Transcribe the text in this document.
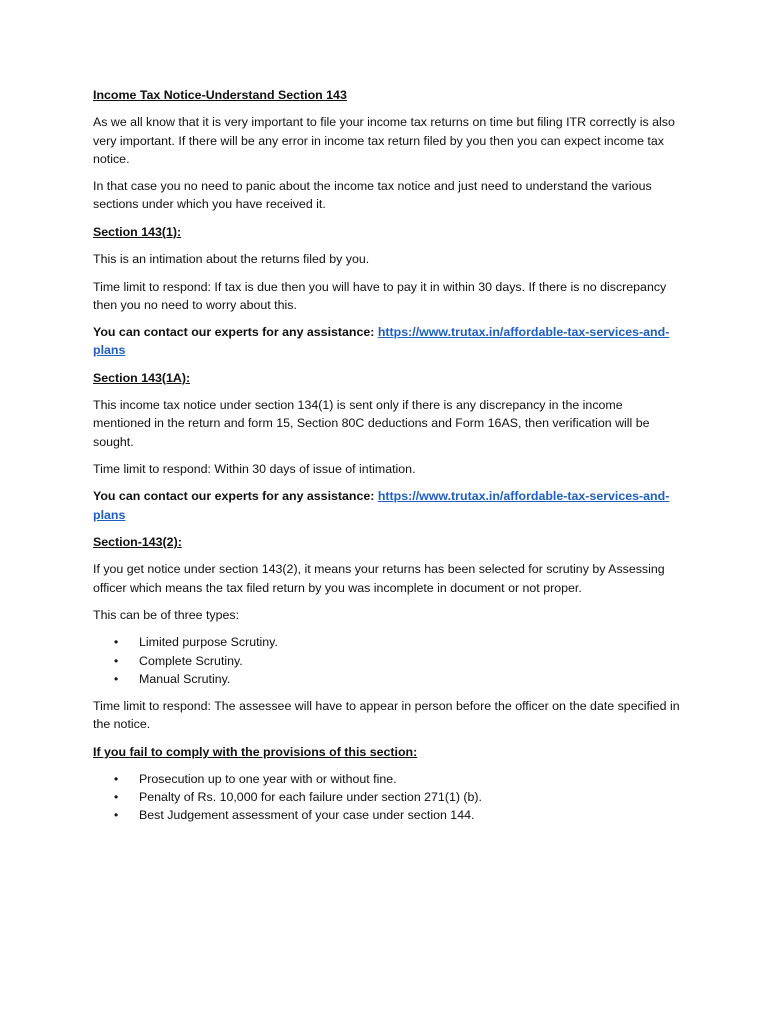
Income Tax Notice-Understand Section 143

As we all know that it is very important to file your income tax returns on time but filing ITR correctly is also very important. If there will be any error in income tax return filed by you then you can expect income tax notice.

In that case you no need to panic about the income tax notice and just need to understand the various sections under which you have received it.

Section 143(1):

This is an intimation about the returns filed by you.

Time limit to respond: If tax is due then you will have to pay it in within 30 days. If there is no discrepancy then you no need to worry about this.

You can contact our experts for any assistance: https://www.trutax.in/affordable-tax-services-and-plans

Section 143(1A):

This income tax notice under section 134(1) is sent only if there is any discrepancy in the income mentioned in the return and form 15, Section 80C deductions and Form 16AS, then verification will be sought.

Time limit to respond: Within 30 days of issue of intimation.

You can contact our experts for any assistance: https://www.trutax.in/affordable-tax-services-and-plans

Section-143(2):

If you get notice under section 143(2), it means your returns has been selected for scrutiny by Assessing officer which means the tax filed return by you was incomplete in document or not proper.

This can be of three types:

• Limited purpose Scrutiny.
• Complete Scrutiny.
• Manual Scrutiny.

Time limit to respond: The assessee will have to appear in person before the officer on the date specified in the notice.

If you fail to comply with the provisions of this section:

• Prosecution up to one year with or without fine.
• Penalty of Rs. 10,000 for each failure under section 271(1) (b).
• Best Judgement assessment of your case under section 144.
